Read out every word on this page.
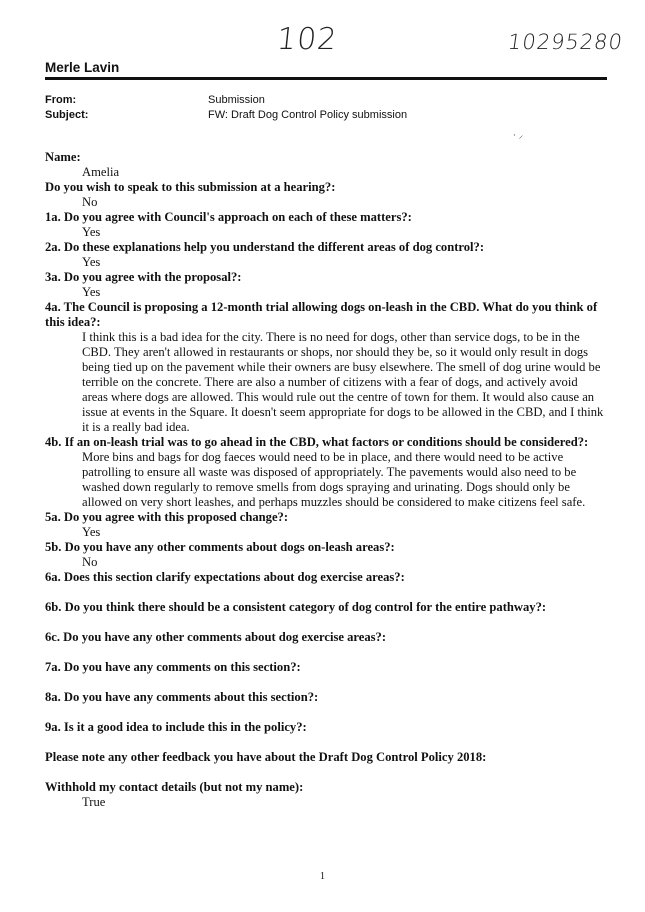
102	10295280
Merle Lavin
From:	Submission
Subject:	FW: Draft Dog Control Policy submission
· ⸝
Name:
Amelia
Do you wish to speak to this submission at a hearing?:
No
1a. Do you agree with Council's approach on each of these matters?:
Yes
2a. Do these explanations help you understand the different areas of dog control?:
Yes
3a. Do you agree with the proposal?:
Yes
4a. The Council is proposing a 12-month trial allowing dogs on-leash in the CBD. What do you think of this idea?:
I think this is a bad idea for the city. There is no need for dogs, other than service dogs, to be in the CBD. They aren't allowed in restaurants or shops, nor should they be, so it would only result in dogs being tied up on the pavement while their owners are busy elsewhere. The smell of dog urine would be terrible on the concrete. There are also a number of citizens with a fear of dogs, and actively avoid areas where dogs are allowed. This would rule out the centre of town for them. It would also cause an issue at events in the Square. It doesn't seem appropriate for dogs to be allowed in the CBD, and I think it is a really bad idea.
4b. If an on-leash trial was to go ahead in the CBD, what factors or conditions should be considered?:
More bins and bags for dog faeces would need to be in place, and there would need to be active patrolling to ensure all waste was disposed of appropriately. The pavements would also need to be washed down regularly to remove smells from dogs spraying and urinating. Dogs should only be allowed on very short leashes, and perhaps muzzles should be considered to make citizens feel safe.
5a. Do you agree with this proposed change?:
Yes
5b. Do you have any other comments about dogs on-leash areas?:
No
6a. Does this section clarify expectations about dog exercise areas?:
6b. Do you think there should be a consistent category of dog control for the entire pathway?:
6c. Do you have any other comments about dog exercise areas?:
7a. Do you have any comments on this section?:
8a. Do you have any comments about this section?:
9a. Is it a good idea to include this in the policy?:
Please note any other feedback you have about the Draft Dog Control Policy 2018:
Withhold my contact details (but not my name):
True
1
